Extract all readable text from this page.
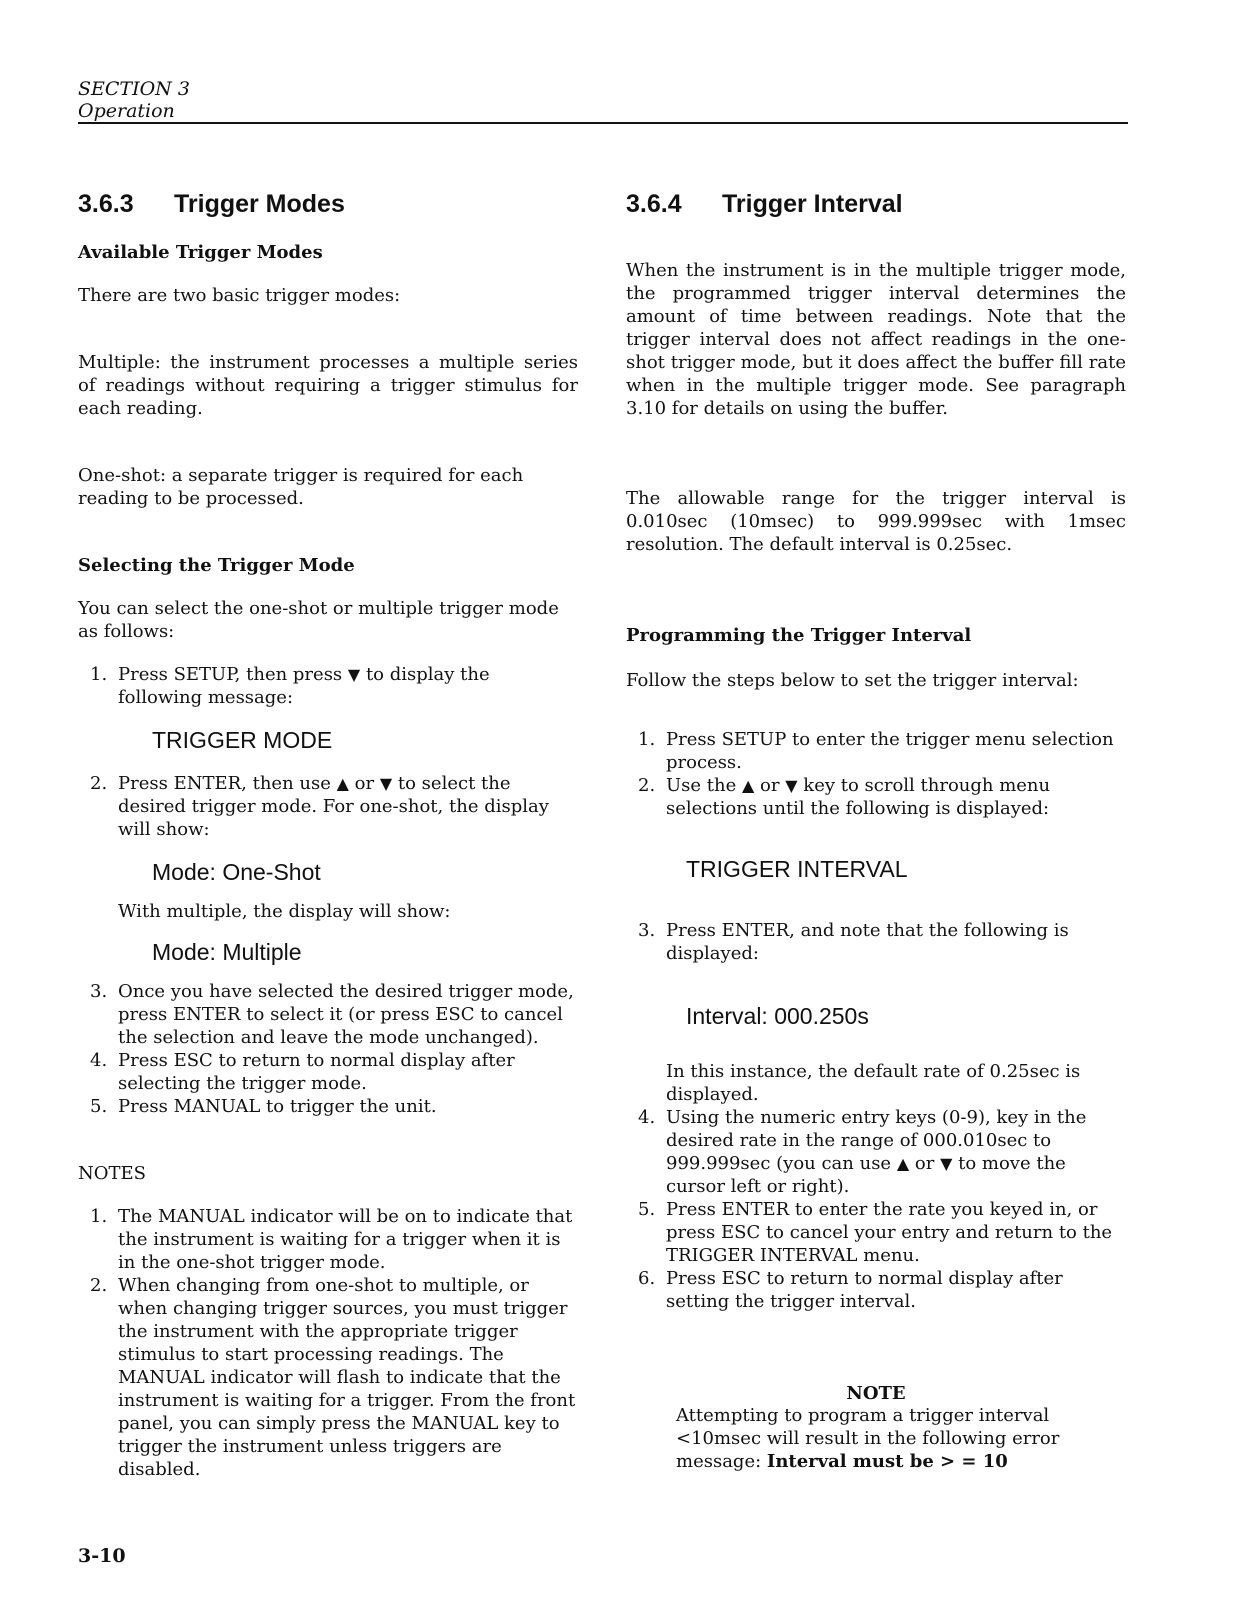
SECTION 3
Operation
3.6.3	Trigger Modes

Available Trigger Modes

There are two basic trigger modes:

Multiple: the instrument processes a multiple series of readings without requiring a trigger stimulus for each reading.

One-shot: a separate trigger is required for each reading to be processed.

Selecting the Trigger Mode

You can select the one-shot or multiple trigger mode as follows:

1. Press SETUP, then press ▼ to display the following message:
TRIGGER MODE
2. Press ENTER, then use ▲ or ▼ to select the desired trigger mode. For one-shot, the display will show:
Mode: One-Shot

With multiple, the display will show:

Mode: Multiple
3. Once you have selected the desired trigger mode, press ENTER to select it (or press ESC to cancel the selection and leave the mode unchanged).
4. Press ESC to return to normal display after selecting the trigger mode.
5. Press MANUAL to trigger the unit.

NOTES

1. The MANUAL indicator will be on to indicate that the instrument is waiting for a trigger when it is in the one-shot trigger mode.
2. When changing from one-shot to multiple, or when changing trigger sources, you must trigger the instrument with the appropriate trigger stimulus to start processing readings. The MANUAL indicator will flash to indicate that the instrument is waiting for a trigger. From the front panel, you can simply press the MANUAL key to trigger the instrument unless triggers are disabled.
3.6.4	Trigger Interval

When the instrument is in the multiple trigger mode, the programmed trigger interval determines the amount of time between readings. Note that the trigger interval does not affect readings in the one-shot trigger mode, but it does affect the buffer fill rate when in the multiple trigger mode. See paragraph 3.10 for details on using the buffer.

The allowable range for the trigger interval is 0.010sec (10msec) to 999.999sec with 1msec resolution. The default interval is 0.25sec.

Programming the Trigger Interval

Follow the steps below to set the trigger interval:

1. Press SETUP to enter the trigger menu selection process.
2. Use the ▲ or ▼ key to scroll through menu selections until the following is displayed:
TRIGGER INTERVAL
3. Press ENTER, and note that the following is displayed:
Interval: 000.250s

In this instance, the default rate of 0.25sec is displayed.

4. Using the numeric entry keys (0-9), key in the desired rate in the range of 000.010sec to 999.999sec (you can use ▲ or ▼ to move the cursor left or right).
5. Press ENTER to enter the rate you keyed in, or press ESC to cancel your entry and return to the TRIGGER INTERVAL menu.
6. Press ESC to return to normal display after setting the trigger interval.
NOTE

Attempting to program a trigger interval <10msec will result in the following error message: Interval must be > = 10

3-10
